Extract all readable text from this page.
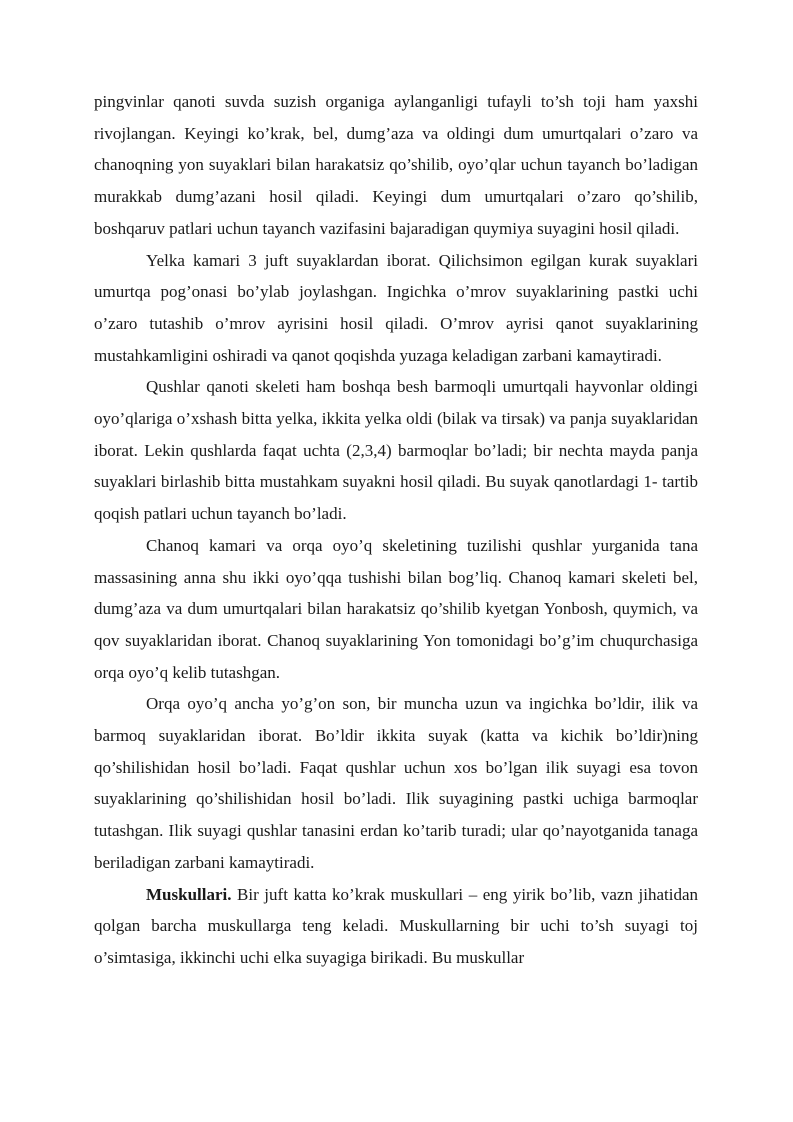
pingvinlar qanoti suvda suzish organiga aylanganligi tufayli to’sh toji ham yaxshi rivojlangan. Keyingi ko’krak, bel, dumg’aza va oldingi dum umurtqalari o’zaro va chanoqning yon suyaklari bilan harakatsiz qo’shilib, oyo’qlar uchun tayanch bo’ladigan murakkab dumg’azani hosil qiladi. Keyingi dum umurtqalari o’zaro qo’shilib, boshqaruv patlari uchun tayanch vazifasini bajaradigan quymiya suyagini hosil qiladi.

Yelka kamari 3 juft suyaklardan iborat. Qilichsimon egilgan kurak suyaklari umurtqa pog’onasi bo’ylab joylashgan. Ingichka o’mrov suyaklarining pastki uchi o’zaro tutashib o’mrov ayrisini hosil qiladi. O’mrov ayrisi qanot suyaklarining mustahkamligini oshiradi va qanot qoqishda yuzaga keladigan zarbani kamaytiradi.

Qushlar qanoti skeleti ham boshqa besh barmoqli umurtqali hayvonlar oldingi oyo’qlariga o’xshash bitta yelka, ikkita yelka oldi (bilak va tirsak) va panja suyaklaridan iborat. Lekin qushlarda faqat uchta (2,3,4) barmoqlar bo’ladi; bir nechta mayda panja suyaklari birlashib bitta mustahkam suyakni hosil qiladi. Bu suyak qanotlardagi 1- tartib qoqish patlari uchun tayanch bo’ladi.

Chanoq kamari va orqa oyo’q skeletining tuzilishi qushlar yurganida tana massasining anna shu ikki oyo’qqa tushishi bilan bog’liq. Chanoq kamari skeleti bel, dumg’aza va dum umurtqalari bilan harakatsiz qo’shilib kyetgan Yonbosh, quymich, va qov suyaklaridan iborat. Chanoq suyaklarining Yon tomonidagi bo’g’im chuqurchasiga orqa oyo’q kelib tutashgan.

Orqa oyo’q ancha yo’g’on son, bir muncha uzun va ingichka bo’ldir, ilik va barmoq suyaklaridan iborat. Bo’ldir ikkita suyak (katta va kichik bo’ldir)ning qo’shilishidan hosil bo’ladi. Faqat qushlar uchun xos bo’lgan ilik suyagi esa tovon suyaklarining qo’shilishidan hosil bo’ladi. Ilik suyagining pastki uchiga barmoqlar tutashgan. Ilik suyagi qushlar tanasini erdan ko’tarib turadi; ular qo’nayotganida tanaga beriladigan zarbani kamaytiradi.

Muskullari. Bir juft katta ko’krak muskullari – eng yirik bo’lib, vazn jihatidan qolgan barcha muskullarga teng keladi. Muskullarning bir uchi to’sh suyagi toj o’simtasiga, ikkinchi uchi elka suyagiga birikadi. Bu muskullar
